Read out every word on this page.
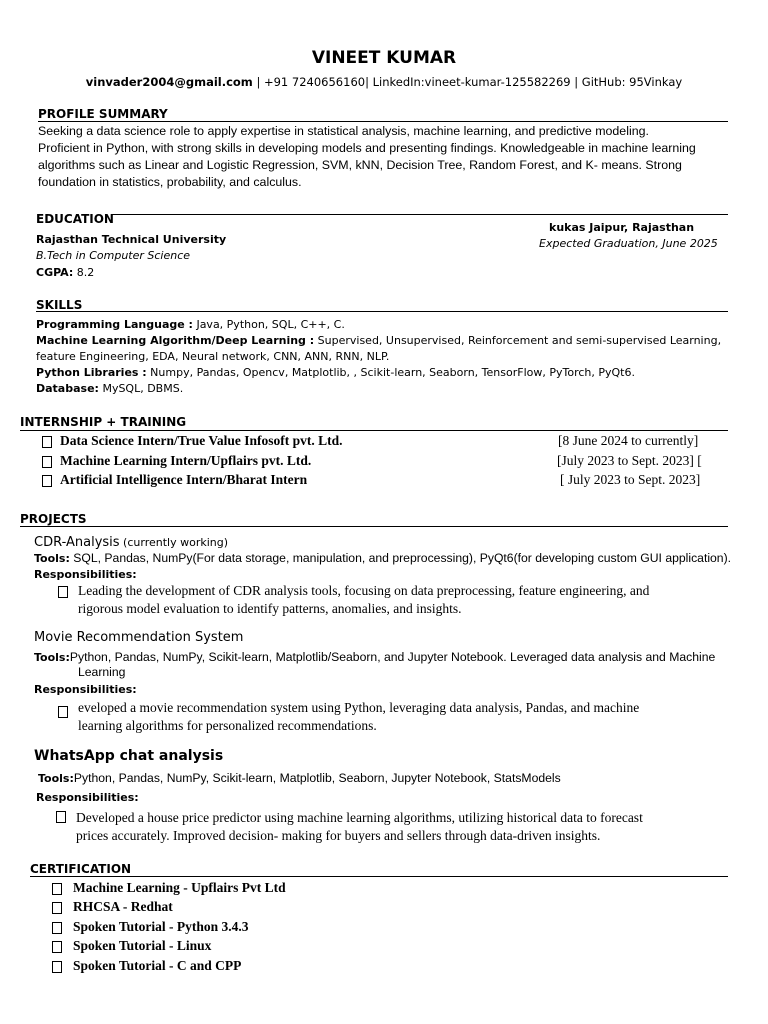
VINEET KUMAR
vinvader2004@gmail.com | +91 7240656160| LinkedIn:vineet-kumar-125582269 | GitHub: 95Vinkay
PROFILE SUMMARY
Seeking a data science role to apply expertise in statistical analysis, machine learning, and predictive modeling.
Proficient in Python, with strong skills in developing models and presenting findings. Knowledgeable in machine learning
algorithms such as Linear and Logistic Regression, SVM, kNN, Decision Tree, Random Forest, and K- means. Strong
foundation in statistics, probability, and calculus.
EDUCATION
Rajasthan Technical University
B.Tech in Computer Science
CGPA: 8.2
kukas Jaipur, Rajasthan
Expected Graduation, June 2025
SKILLS
Programming Language : Java, Python, SQL, C++, C.
Machine Learning Algorithm/Deep Learning : Supervised, Unsupervised, Reinforcement and semi-supervised Learning,
feature Engineering, EDA, Neural network, CNN, ANN, RNN, NLP.
Python Libraries : Numpy, Pandas, Opencv, Matplotlib, , Scikit-learn, Seaborn, TensorFlow, PyTorch, PyQt6.
Database: MySQL, DBMS.
INTERNSHIP + TRAINING
Data Science Intern/True Value Infosoft pvt. Ltd.	[8 June 2024 to currently]
Machine Learning Intern/Upflairs pvt. Ltd.	[July 2023 to Sept. 2023] [
Artificial Intelligence Intern/Bharat Intern	[ July 2023 to Sept. 2023]
PROJECTS
CDR-Analysis (currently working)
Tools: SQL, Pandas, NumPy(For data storage, manipulation, and preprocessing), PyQt6(for developing custom GUI application).
Responsibilities:
Leading the development of CDR analysis tools, focusing on data preprocessing, feature engineering, and
rigorous model evaluation to identify patterns, anomalies, and insights.
Movie Recommendation System
Tools:Python, Pandas, NumPy, Scikit-learn, Matplotlib/Seaborn, and Jupyter Notebook. Leveraged data analysis and Machine
Learning
Responsibilities:
eveloped a movie recommendation system using Python, leveraging data analysis, Pandas, and machine
learning algorithms for personalized recommendations.
WhatsApp chat analysis
Tools:Python, Pandas, NumPy, Scikit-learn, Matplotlib, Seaborn, Jupyter Notebook, StatsModels
Responsibilities:
Developed a house price predictor using machine learning algorithms, utilizing historical data to forecast
prices accurately. Improved decision- making for buyers and sellers through data-driven insights.
CERTIFICATION
Machine Learning - Upflairs Pvt Ltd
RHCSA - Redhat
Spoken Tutorial - Python 3.4.3
Spoken Tutorial - Linux
Spoken Tutorial - C and CPP
